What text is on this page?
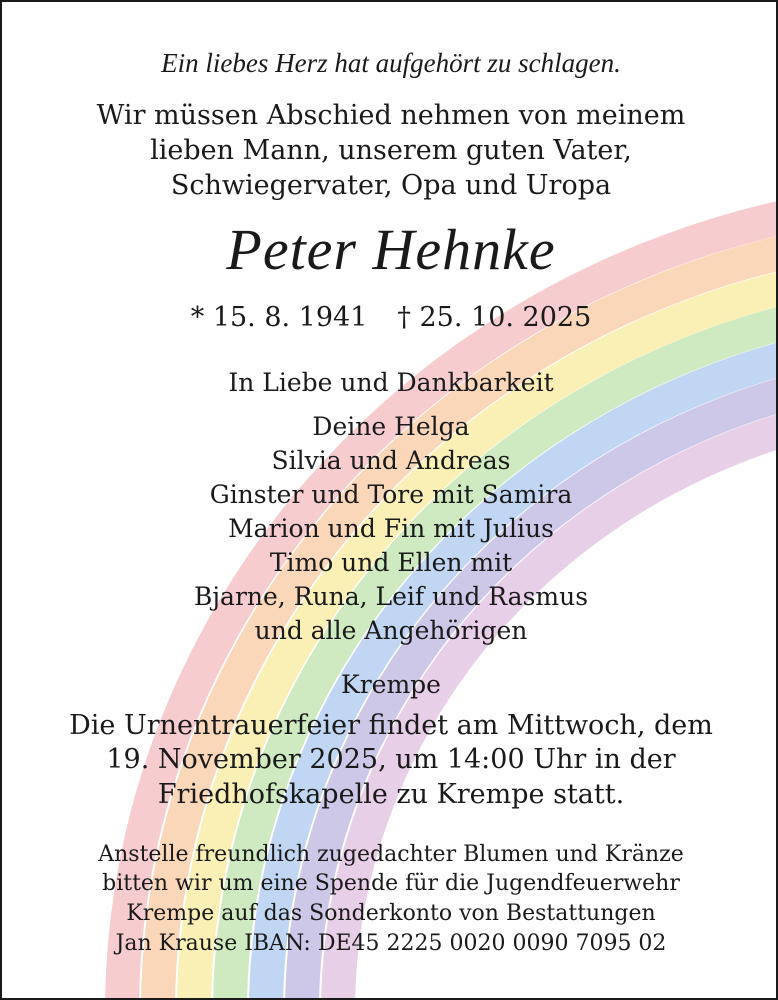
Ein liebes Herz hat aufgehört zu schlagen.
Wir müssen Abschied nehmen von meinem
lieben Mann, unserem guten Vater,
Schwiegervater, Opa und Uropa
Peter Hehnke
* 15. 8. 1941 † 25. 10. 2025
In Liebe und Dankbarkeit
Deine Helga
Silvia und Andreas
Ginster und Tore mit Samira
Marion und Fin mit Julius
Timo und Ellen mit
Bjarne, Runa, Leif und Rasmus
und alle Angehörigen
Krempe
Die Urnentrauerfeier findet am Mittwoch, dem
19. November 2025, um 14:00 Uhr in der
Friedhofskapelle zu Krempe statt.
Anstelle freundlich zugedachter Blumen und Kränze
bitten wir um eine Spende für die Jugendfeuerwehr
Krempe auf das Sonderkonto von Bestattungen
Jan Krause IBAN: DE45 2225 0020 0090 7095 02
